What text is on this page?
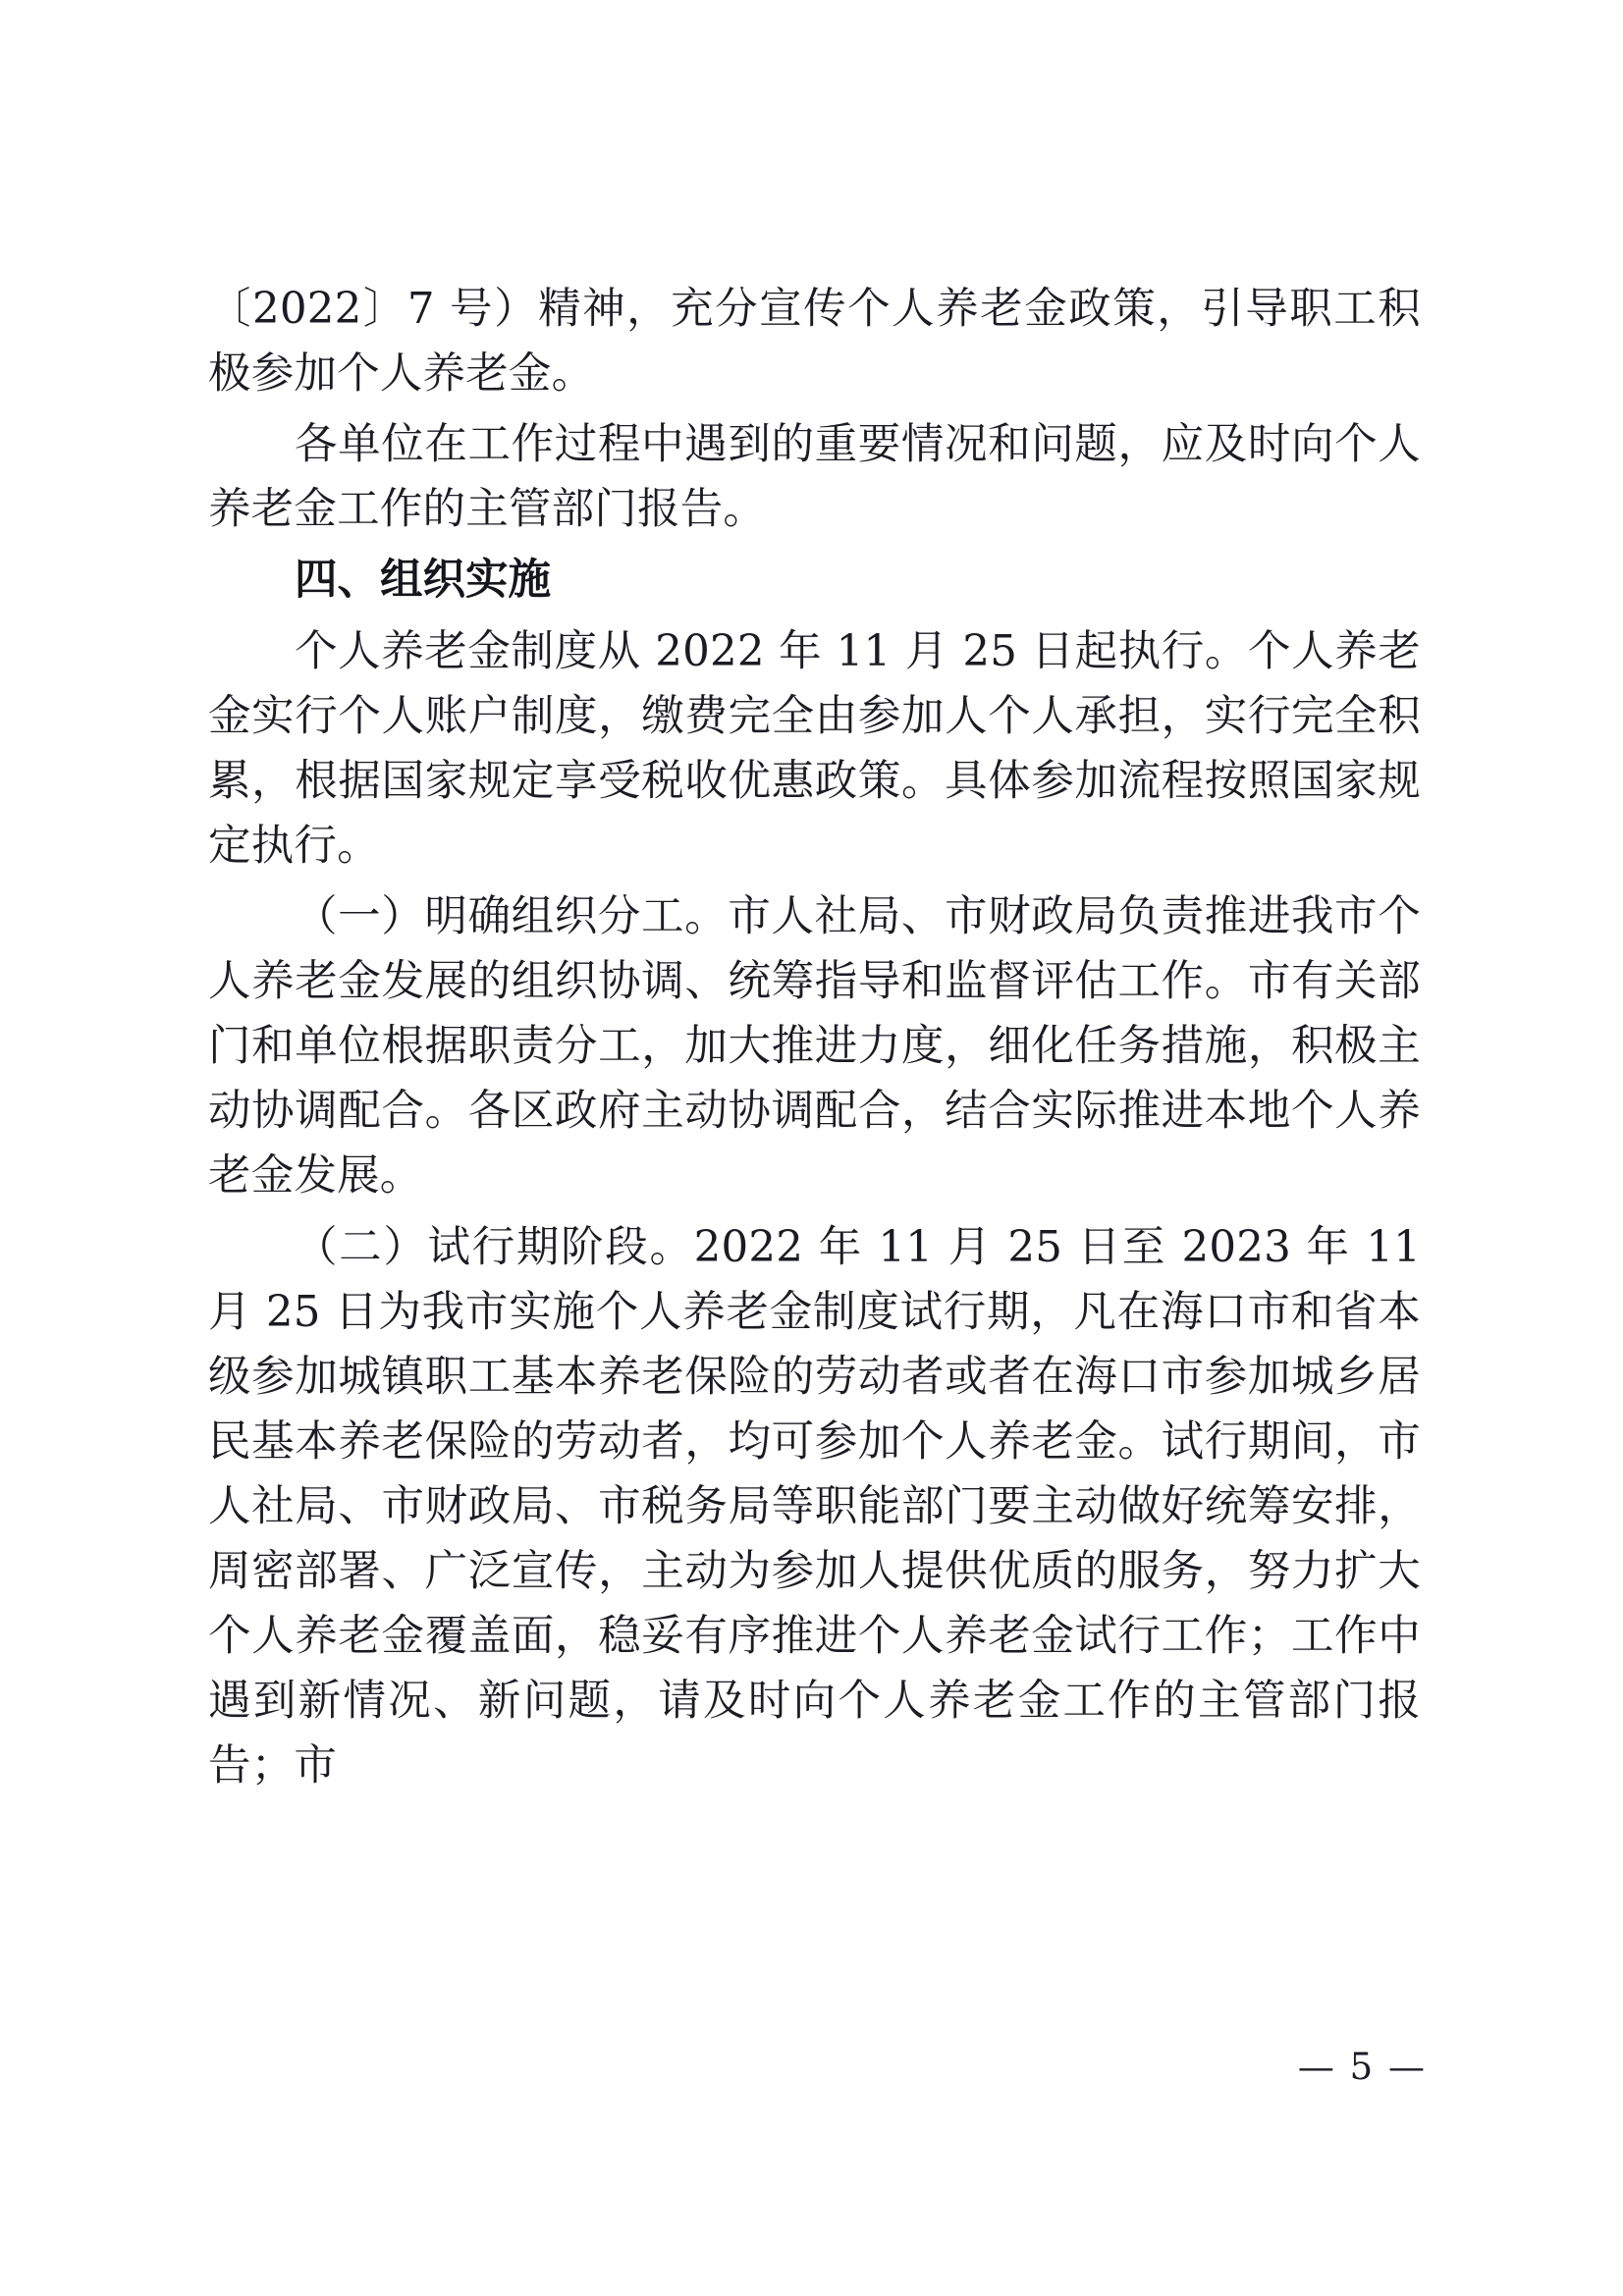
〔2022〕7 号）精神，充分宣传个人养老金政策，引导职工积极参加个人养老金。

各单位在工作过程中遇到的重要情况和问题，应及时向个人养老金工作的主管部门报告。

四、组织实施

个人养老金制度从 2022 年 11 月 25 日起执行。个人养老金实行个人账户制度，缴费完全由参加人个人承担，实行完全积累，根据国家规定享受税收优惠政策。具体参加流程按照国家规定执行。

（一）明确组织分工。市人社局、市财政局负责推进我市个人养老金发展的组织协调、统筹指导和监督评估工作。市有关部门和单位根据职责分工，加大推进力度，细化任务措施，积极主动协调配合。各区政府主动协调配合，结合实际推进本地个人养老金发展。

（二）试行期阶段。2022 年 11 月 25 日至 2023 年 11 月 25 日为我市实施个人养老金制度试行期，凡在海口市和省本级参加城镇职工基本养老保险的劳动者或者在海口市参加城乡居民基本养老保险的劳动者，均可参加个人养老金。试行期间，市人社局、市财政局、市税务局等职能部门要主动做好统筹安排，周密部署、广泛宣传，主动为参加人提供优质的服务，努力扩大个人养老金覆盖面，稳妥有序推进个人养老金试行工作；工作中遇到新情况、新问题，请及时向个人养老金工作的主管部门报告；市

— 5 —
